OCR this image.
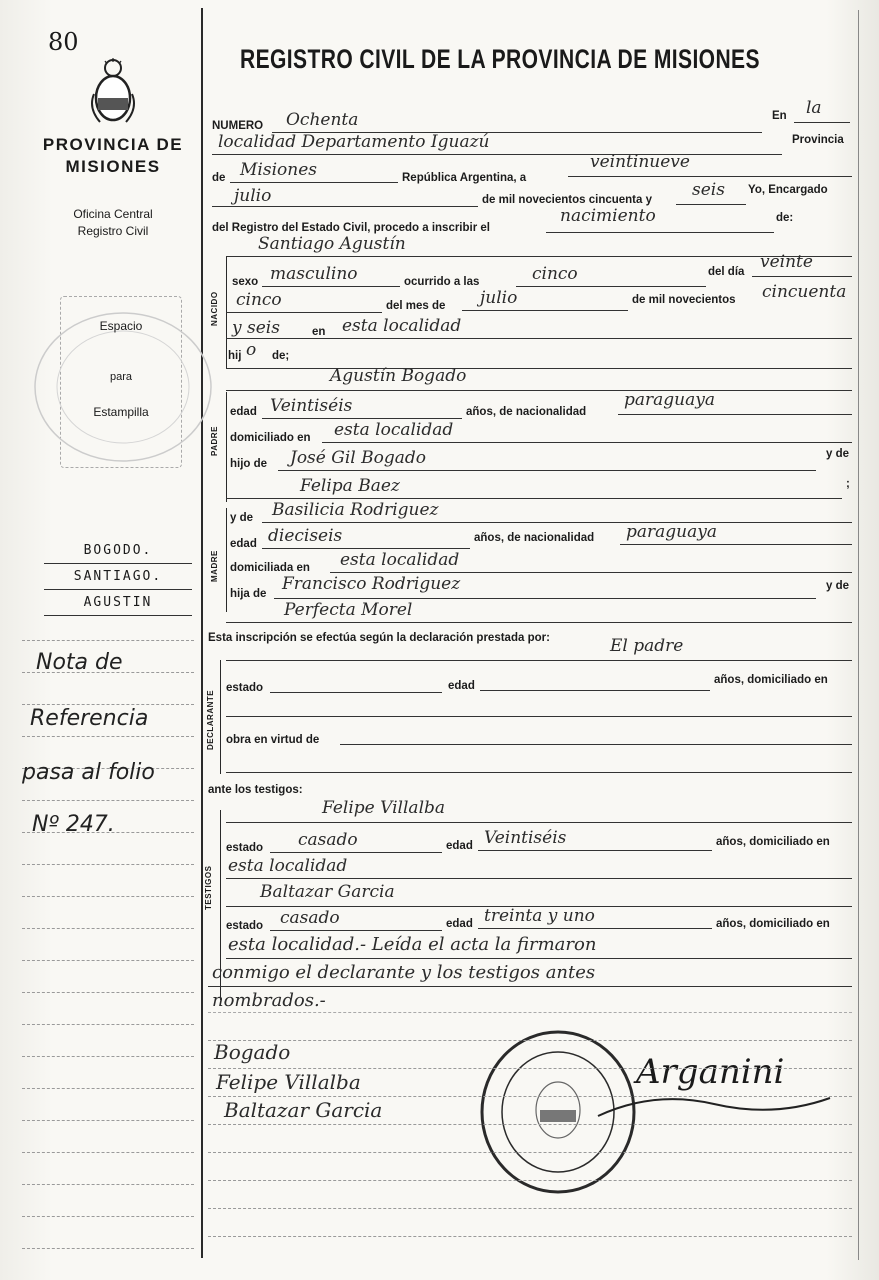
80
PROVINCIA DE
MISIONES
Oficina Central
Registro Civil
Espacio
para
Estampilla
BOGODO.
SANTIAGO.
AGUSTIN
Nota de
Referencia
pasa al folio
Nº 247.
REGISTRO CIVIL DE LA PROVINCIA DE MISIONES
NUMERO Ochenta	En la
localidad Departamento Iguazú	Provincia
de Misiones	República Argentina, a
veintinueve
julio	de mil novecientos cincuenta y seis Yo, Encargado
del Registro del Estado Civil, procedo a inscribir el
nacimiento	de:
NACIDO
Santiago Agustín
sexo masculino	ocurrido a las	cinco	del día veinte
cinco	del mes de julio	de mil novecientos cincuenta
y seis	en esta localidad
hij o de;
PADRE
Agustín Bogado
edad Veintiséis	años, de nacionalidad
paraguaya
domiciliado en esta localidad
hijo de José Gil Bogado	y de
Felipa Baez	;
MADRE
y de Basilicia Rodriguez
edad dieciseis	años, de nacionalidad paraguaya
domiciliada en esta localidad
hija de Francisco Rodriguez	y de
Perfecta Morel
Esta inscripción se efectúa según la declaración prestada por:	El padre
DECLARANTE
estado	edad	años, domiciliado en
obra en virtud de
ante los testigos:
TESTIGOS
Felipe Villalba
estado casado	edad Veintiséis	años, domiciliado en
esta localidad
Baltazar Garcia
estado casado	edad treinta y uno	años, domiciliado en
esta localidad.- Leída el acta la firmaron
conmigo el declarante y los testigos antes
nombrados.-
Bogado
Felipe Villalba
Baltazar Garcia
Arganini
